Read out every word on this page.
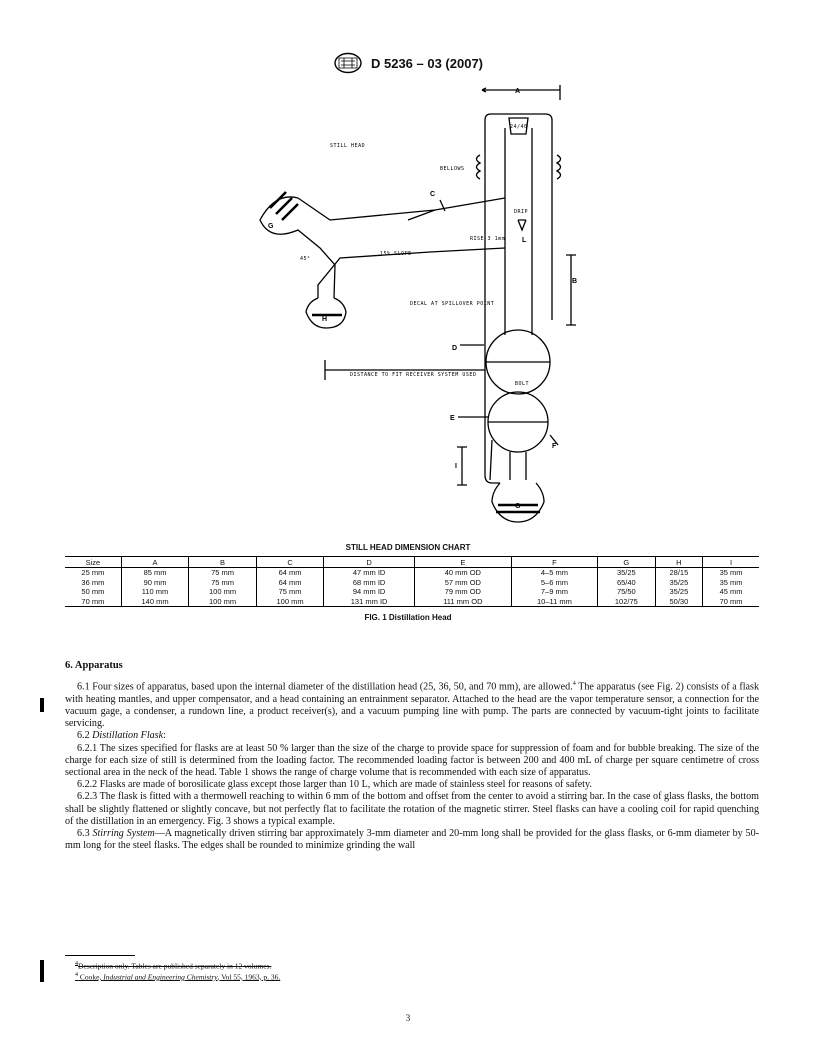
D 5236 – 03 (2007)
A
B
C
D
E
F
G
G
H
I
L
STILL HEAD
BELLOWS
24/40
DRIP
RISE 3 1mm
15% SLOPE
45°
DECAL AT SPILLOVER POINT
DISTANCE TO FIT RECEIVER SYSTEM USED
BOLT
STILL HEAD DIMENSION CHART
Size	A	B	C	D	E	F	G	H	I
25 mm	85 mm	75 mm	64 mm	47 mm ID	40 mm OD	4–5 mm	35/25	28/15	35 mm
36 mm	90 mm	75 mm	64 mm	68 mm ID	57 mm OD	5–6 mm	65/40	35/25	35 mm
50 mm	110 mm	100 mm	75 mm	94 mm ID	79 mm OD	7–9 mm	75/50	35/25	45 mm
70 mm	140 mm	100 mm	100 mm	131 mm ID	111 mm OD	10–11 mm	102/75	50/30	70 mm
FIG. 1 Distillation Head

6. Apparatus

6.1 Four sizes of apparatus, based upon the internal diameter of the distillation head (25, 36, 50, and 70 mm), are allowed.$^4$ The apparatus (see Fig. 2) consists of a flask with heating mantles, and upper compensator, and a head containing an entrainment separator. Attached to the head are the vapor temperature sensor, a connection for the vacuum gage, a condenser, a rundown line, a product receiver(s), and a vacuum pumping line with pump. The parts are connected by vacuum-tight joints to facilitate servicing.

6.2 Distillation Flask:

6.2.1 The sizes specified for flasks are at least 50 % larger than the size of the charge to provide space for suppression of foam and for bubble breaking. The size of the charge for each size of still is determined from the loading factor. The recommended loading factor is between 200 and 400 mL of charge per square centimetre of cross sectional area in the neck of the head. Table 1 shows the range of charge volume that is recommended with each size of apparatus.

6.2.2 Flasks are made of borosilicate glass except those larger than 10 L, which are made of stainless steel for reasons of safety.

6.2.3 The flask is fitted with a thermowell reaching to within 6 mm of the bottom and offset from the center to avoid a stirring bar. In the case of glass flasks, the bottom shall be slightly flattened or slightly concave, but not perfectly flat to facilitate the rotation of the magnetic stirrer. Steel flasks can have a cooling coil for rapid quenching of the distillation in an emergency. Fig. 3 shows a typical example.

6.3 Stirring System—A magnetically driven stirring bar approximately 3-mm diameter and 20-mm long shall be provided for the glass flasks, or 6-mm diameter by 50-mm long for the steel flasks. The edges shall be rounded to minimize grinding the wall

$^4$Description only. Tables are published separately in 12 volumes.

$^4$ Cooke, Industrial and Engineering Chemistry, Vol 55, 1963, p. 36.

3
